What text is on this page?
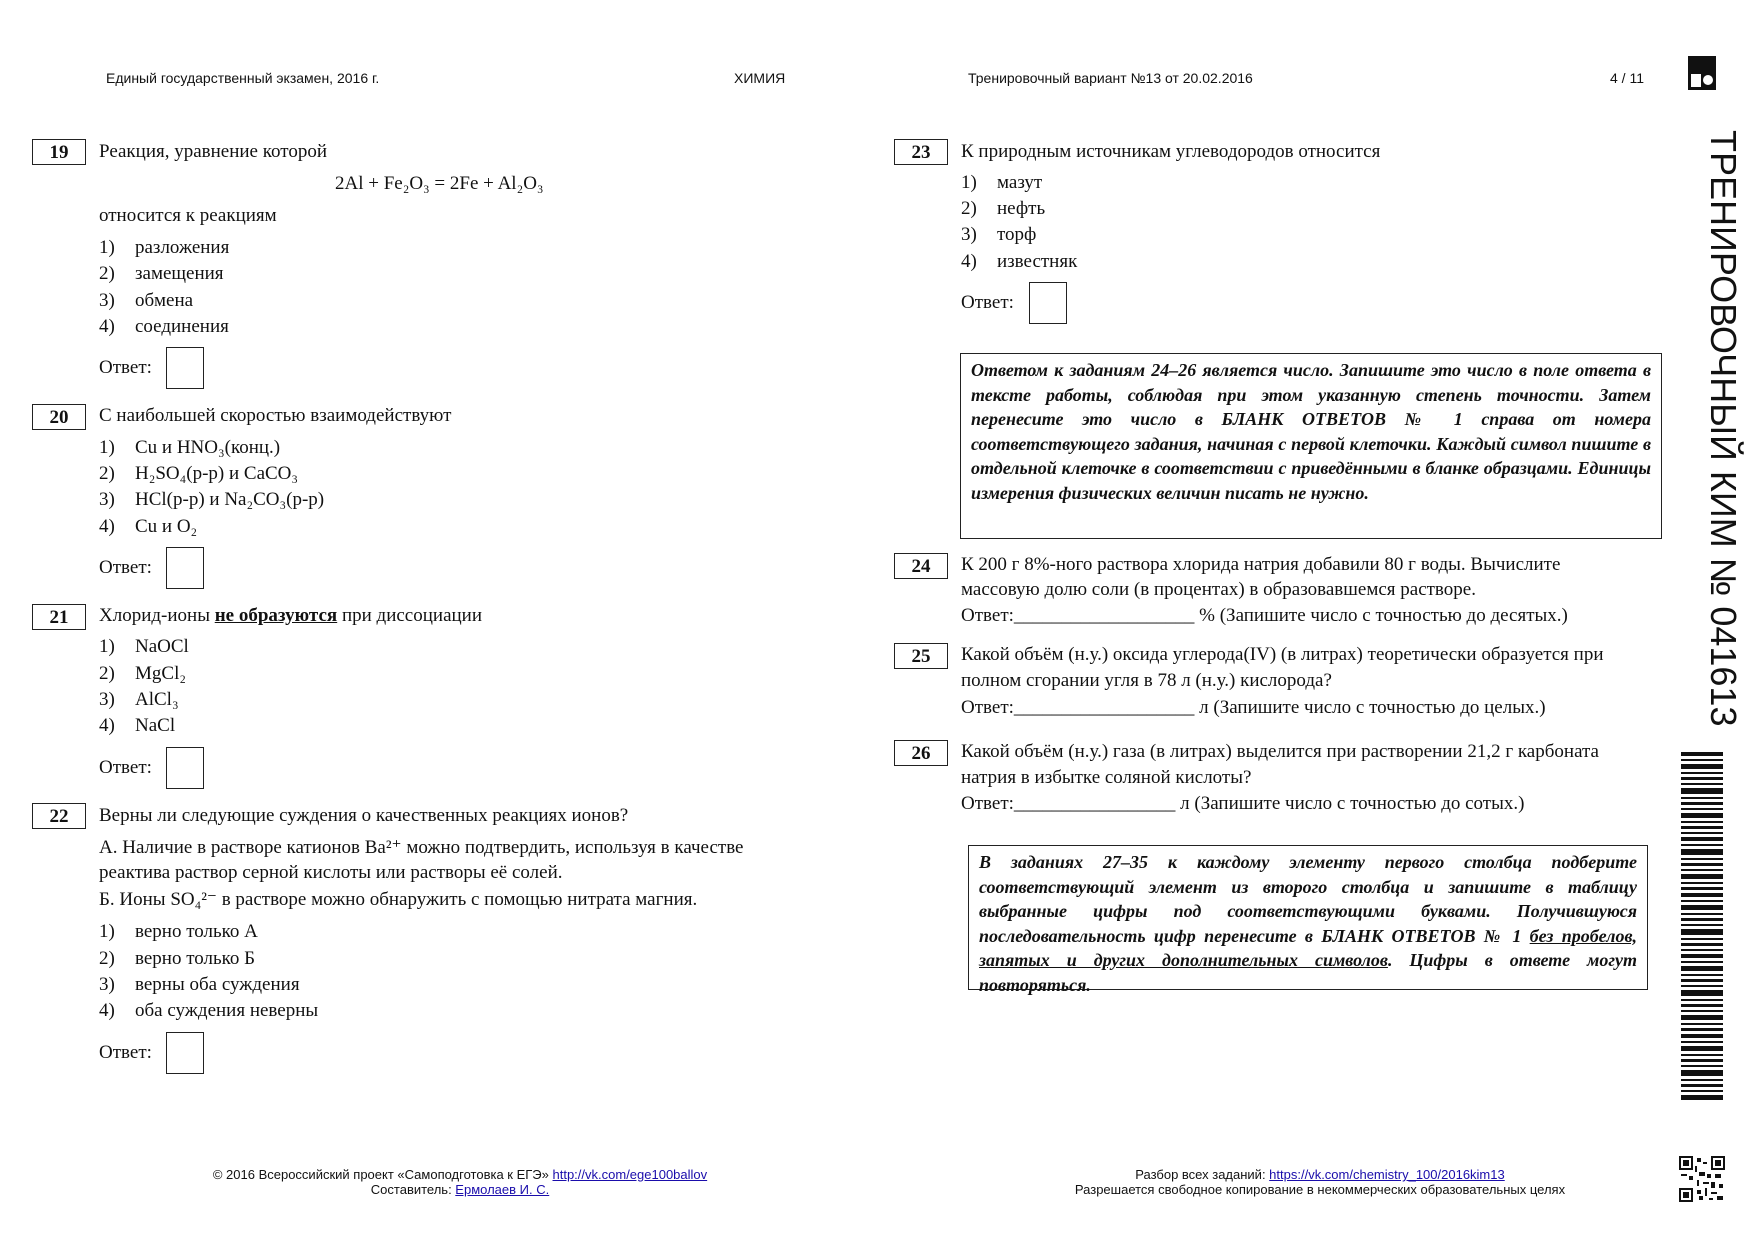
Единый государственный экзамен, 2016 г.	ХИМИЯ	Тренировочный вариант №13 от 20.02.2016	4 / 11
ТРЕНИРОВОЧНЫЙ КИМ № 041613
19	Реакция, уравнение которой
2Al + Fe₂O₃ = 2Fe + Al₂O₃
относится к реакциям
1) разложения
2) замещения
3) обмена
4) соединения
Ответ:
20	С наибольшей скоростью взаимодействуют
1) Cu и HNO₃(конц.)
2) H₂SO₄(р-р) и CaCO₃
3) HCl(р-р) и Na₂CO₃(р-р)
4) Cu и O₂
Ответ:
21	Хлорид-ионы не образуются при диссоциации
1) NaOCl
2) MgCl₂
3) AlCl₃
4) NaCl
Ответ:
22	Верны ли следующие суждения о качественных реакциях ионов?
А. Наличие в растворе катионов Ba²⁺ можно подтвердить, используя в качестве
реактива раствор серной кислоты или растворы её солей.
Б. Ионы SO₄²⁻ в растворе можно обнаружить с помощью нитрата магния.
1) верно только А
2) верно только Б
3) верны оба суждения
4) оба суждения неверны
Ответ:
23	К природным источникам углеводородов относится
1) мазут
2) нефть
3) торф
4) известняк
Ответ:
Ответом к заданиям 24–26 является число. Запишите это число в поле ответа в тексте работы, соблюдая при этом указанную степень точности. Затем перенесите это число в БЛАНК ОТВЕТОВ № 1 справа от номера соответствующего задания, начиная с первой клеточки. Каждый символ пишите в отдельной клеточке в соответствии с приведёнными в бланке образцами. Единицы измерения физических величин писать не нужно.
24	К 200 г 8%-ного раствора хлорида натрия добавили 80 г воды. Вычислите
массовую долю соли (в процентах) в образовавшемся растворе.
Ответ:___________________ % (Запишите число с точностью до десятых.)
25	Какой объём (н.у.) оксида углерода(IV) (в литрах) теоретически образуется при
полном сгорании угля в 78 л (н.у.) кислорода?
Ответ:___________________ л (Запишите число с точностью до целых.)
26	Какой объём (н.у.) газа (в литрах) выделится при растворении 21,2 г карбоната
натрия в избытке соляной кислоты?
Ответ:_________________ л (Запишите число с точностью до сотых.)
В заданиях 27–35 к каждому элементу первого столбца подберите соответствующий элемент из второго столбца и запишите в таблицу выбранные цифры под соответствующими буквами. Получившуюся последовательность цифр перенесите в БЛАНК ОТВЕТОВ № 1 без пробелов, запятых и других дополнительных символов. Цифры в ответе могут повторяться.
© 2016 Всероссийский проект «Самоподготовка к ЕГЭ» http://vk.com/ege100ballov
Составитель: Ермолаев И. С.
Разбор всех заданий: https://vk.com/chemistry_100/2016kim13
Разрешается свободное копирование в некоммерческих образовательных целях
